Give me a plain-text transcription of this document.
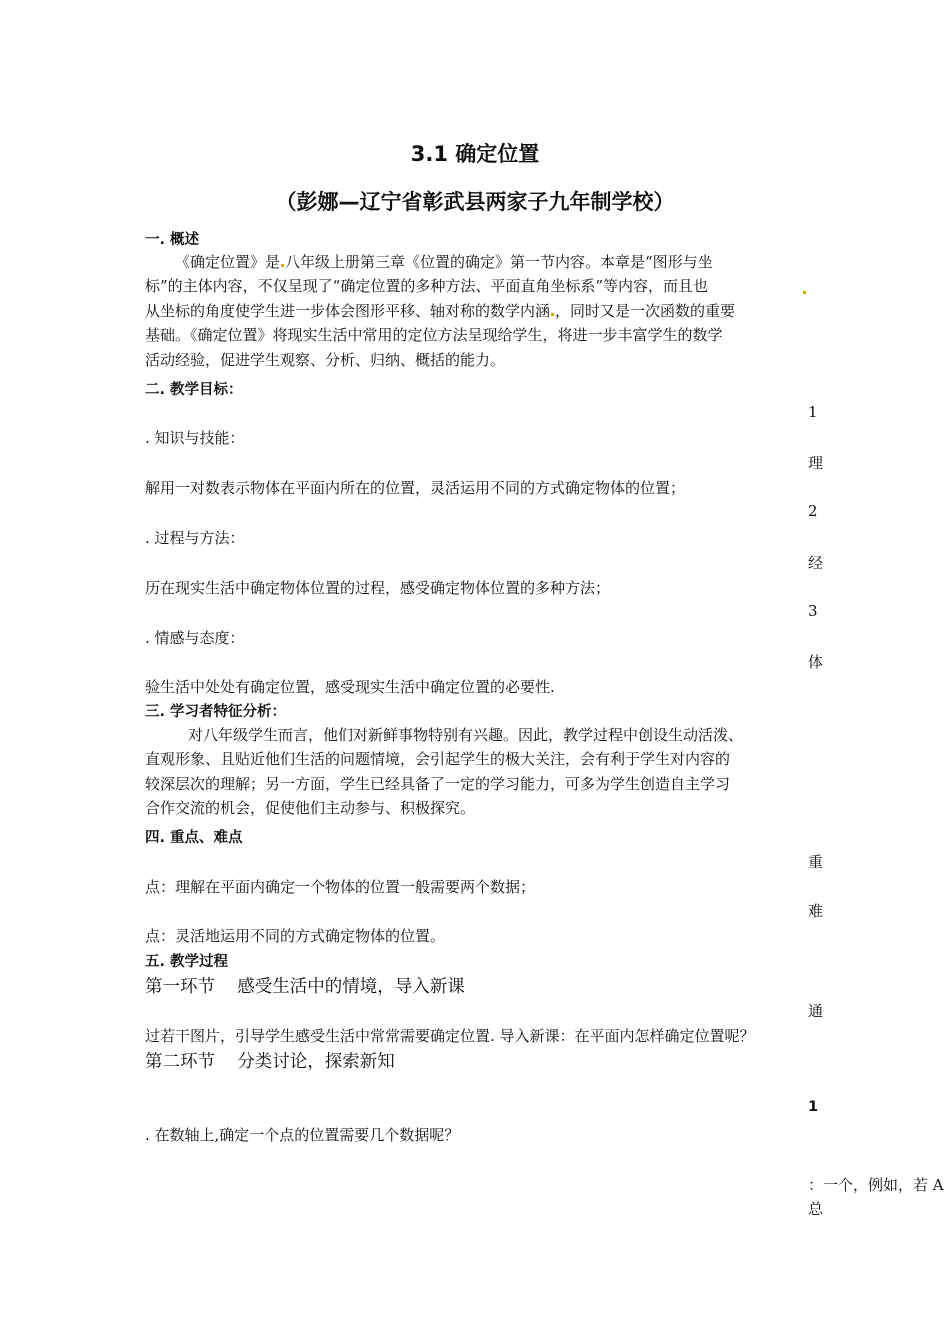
3.1 确定位置
（彭娜—辽宁省彰武县两家子九年制学校）
一. 概述
《确定位置》是 八年级上册第三章《位置的确定》第一节内容。本章是“图形与坐
标”的主体内容，不仅呈现了“确定位置的多种方法、平面直角坐标系”等内容，而且也
从坐标的角度使学生进一步体会图形平移、轴对称的数学内涵 ，同时又是一次函数的重要
基础。《确定位置》将现实生活中常用的定位方法呈现给学生，将进一步丰富学生的数学
活动经验，促进学生观察、分析、归纳、概括的能力。
二. 教学目标：
1
. 知识与技能：
理
解用一对数表示物体在平面内所在的位置，灵活运用不同的方式确定物体的位置；
2
. 过程与方法：
经
历在现实生活中确定物体位置的过程，感受确定物体位置的多种方法；
3
. 情感与态度：
体
验生活中处处有确定位置，感受现实生活中确定位置的必要性.
三. 学习者特征分析：
对八年级学生而言，他们对新鲜事物特别有兴趣。因此，教学过程中创设生动活泼、
直观形象、且贴近他们生活的问题情境，会引起学生的极大关注，会有利于学生对内容的
较深层次的理解；另一方面，学生已经具备了一定的学习能力，可多为学生创造自主学习
合作交流的机会，促使他们主动参与、积极探究。
四. 重点、难点
重
点：理解在平面内确定一个物体的位置一般需要两个数据；
难
点：灵活地运用不同的方式确定物体的位置。
五. 教学过程
第一环节    感受生活中的情境，导入新课
通
过若干图片，引导学生感受生活中常常需要确定位置. 导入新课：在平面内怎样确定位置呢？
第二环节    分类讨论，探索新知
1
. 在数轴上,确定一个点的位置需要几个数据呢？
：一个，例如，若 A
总
